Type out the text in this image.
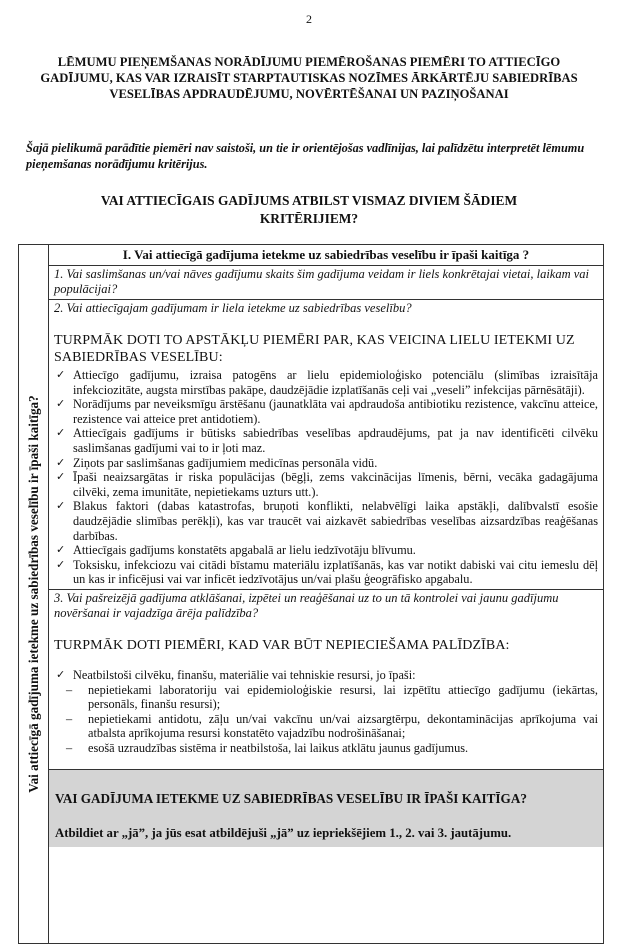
2
LĒMUMU PIEŅEMŠANAS NORĀDĪJUMU PIEMĒROŠANAS PIEMĒRI TO ATTIECĪGO GADĪJUMU, KAS VAR IZRAISĪT STARPTAUTISKAS NOZĪMES ĀRKĀRTĒJU SABIEDRĪBAS VESELĪBAS APDRAUDĒJUMU, NOVĒRTĒŠANAI UN PAZIŅOŠANAI
Šajā pielikumā parādītie piemēri nav saistoši, un tie ir orientējošas vadlīnijas, lai palīdzētu interpretēt lēmumu pieņemšanas norādījumu kritērijus.
VAI ATTIECĪGAIS GADĪJUMS ATBILST VISMAZ DIVIEM ŠĀDIEM KRITĒRIJIEM?
Vai attiecīgā gadījuma ietekme uz sabiedrības veselību ir īpaši kaitīga?
I. Vai attiecīgā gadījuma ietekme uz sabiedrības veselību ir īpaši kaitīga ?
1. Vai saslimšanas un/vai nāves gadījumu skaits šim gadījuma veidam ir liels konkrētajai vietai, laikam vai populācijai?
2. Vai attiecīgajam gadījumam ir liela ietekme uz sabiedrības veselību?
TURPMĀK DOTI TO APSTĀKĻU PIEMĒRI PAR, KAS VEICINA LIELU IETEKMI UZ SABIEDRĪBAS VESELĪBU:
✓ Attiecīgo gadījumu, izraisa patogēns ar lielu epidemioloģisko potenciālu (slimības izraisītāja infekciozitāte, augsta mirstības pakāpe, daudzējādie izplatīšanās ceļi vai „veseli” infekcijas pārnēsātāji).
✓ Norādījums par neveiksmīgu ārstēšanu (jaunatklāta vai apdraudoša antibiotiku rezistence, vakcīnu atteice, rezistence vai atteice pret antidotiem).
✓ Attiecīgais gadījums ir būtisks sabiedrības veselības apdraudējums, pat ja nav identificēti cilvēku saslimšanas gadījumi vai to ir ļoti maz.
✓ Ziņots par saslimšanas gadījumiem medicīnas personāla vidū.
✓ Īpaši neaizsargātas ir riska populācijas (bēgļi, zems vakcinācijas līmenis, bērni, vecāka gadagājuma cilvēki, zema imunitāte, nepietiekams uzturs utt.).
✓ Blakus faktori (dabas katastrofas, bruņoti konflikti, nelabvēlīgi laika apstākļi, dalībvalstī esošie daudzējādie slimības perēkļi), kas var traucēt vai aizkavēt sabiedrības veselības aizsardzības reaģēšanas darbības.
✓ Attiecīgais gadījums konstatēts apgabalā ar lielu iedzīvotāju blīvumu.
✓ Toksisku, infekciozu vai citādi bīstamu materiālu izplatīšanās, kas var notikt dabiski vai citu iemeslu dēļ un kas ir inficējusi vai var inficēt iedzīvotājus un/vai plašu ģeogrāfisko apgabalu.
3. Vai pašreizējā gadījuma atklāšanai, izpētei un reaģēšanai uz to un tā kontrolei vai jaunu gadījumu novēršanai ir vajadzīga ārēja palīdzība?
TURPMĀK DOTI PIEMĒRI, KAD VAR BŪT NEPIECIEŠAMA PALĪDZĪBA:
✓ Neatbilstoši cilvēku, finanšu, materiālie vai tehniskie resursi, jo īpaši:
– nepietiekami laboratoriju vai epidemioloģiskie resursi, lai izpētītu attiecīgo gadījumu (iekārtas, personāls, finanšu resursi);
– nepietiekami antidotu, zāļu un/vai vakcīnu un/vai aizsargtērpu, dekontaminācijas aprīkojuma vai atbalsta aprīkojuma resursi konstatēto vajadzību nodrošināšanai;
– esošā uzraudzības sistēma ir neatbilstoša, lai laikus atklātu jaunus gadījumus.
VAI GADĪJUMA IETEKME UZ SABIEDRĪBAS VESELĪBU IR ĪPAŠI KAITĪGA?
Atbildiet ar „jā”, ja jūs esat atbildējuši „jā” uz iepriekšējiem 1., 2. vai 3. jautājumu.
